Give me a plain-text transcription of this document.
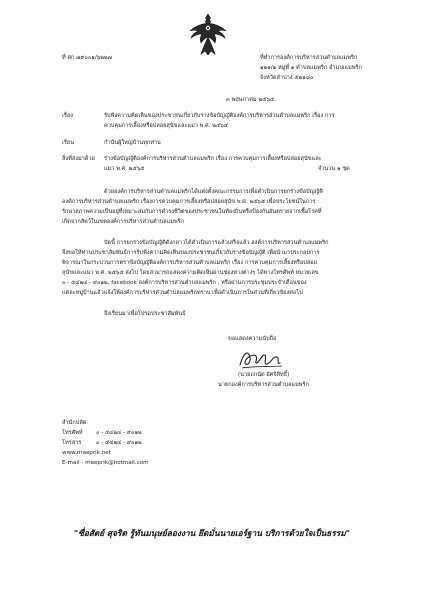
ที่ ศก ๗๙๐๐๑/๖๒๒๗	ที่ทำการองค์การบริหารส่วนตำบลแมพริก
๑๒๑/๑ หมู่ที่ ๑ ตำบลแมพริก อำเภอแมพริก
จังหวัดลำปาง ๕๒๑๘๐
๓ พฤษภาคม ๒๕๖๕
เรื่อง	รับฟังความคิดเห็นของประชาชนเกี่ยวกับร่างข้อบัญญัติองค์การบริหารส่วนตำบลแมพริก เรื่อง การ
ควบคุมการเลี้ยงหรือปล่อยสุนัขและแมว พ.ศ. ๒๕๖๕
เรียน	กำนันผู้ใหญ่บ้านทุกท่าน
สิ่งที่ส่งมาด้วย ร่างข้อบัญญัติองค์การบริหารส่วนตำบลแมพริก เรื่อง การควบคุมการเลี้ยงหรือปล่อยสุนัขและ
แมว พ.ศ. ๒๕๖๕	จำนวน ๑ ชุด
ด้วยองค์การบริหารส่วนตำบลแมพริกได้แต่งตั้งคณะกรรมการเพื่อดำเนินการยกร่างข้อบัญญัติ
องค์การบริหารส่วนตำบลแมพริก เรื่องการควบคุมการเลี้ยงหรือปล่อยสุนัข พ.ศ. ๒๕๖๕ เพื่อประโยชน์ในการ
รักษาสภาพความเป็นอยู่ที่เหมาะสมกับการดำรงชีวิตของประชาชนในท้องถิ่นหรือป้องกันอันตรายจากเชื้อโรคที่
เกิดจากสัตว์ในเขตองค์การบริหารส่วนตำบลแมพริก
บัดนี้ การยกร่างข้อบัญญัติดังกล่าวได้ดำเนินการแล้วเสร็จแล้ว องค์การบริหารส่วนตำบลแมพริก
จึงขอให้ท่านประชาสัมพันธ์การรับฟังความคิดเห็นของประชาชนเกี่ยวกับร่างข้อบัญญัติ เพื่อนำมาประกอบการ
พิจารณาในกระบวนการตราข้อบัญญัติองค์การบริหารส่วนตำบลแมพริก เรื่อง การควบคุมการเลี้ยงหรือปล่อย
สุนัขและแมว พ.ศ. ๒๕๖๕ ส่งไป โดยสามารถแสดงความคิดเห็นผ่านช่องทางต่างๆ ได้ทางโทรศัพท์ หมายเลข
๐ - ๕๔๒๔ - ๙๐๑๒, facebook องค์การบริหารส่วนตำบลแมพริก , หรือผ่านการประชุมประจำเดือนของ
แต่ละหมู่บ้านแล้วแจ้งให้องค์การบริหารส่วนตำบลแมพริกทราบ เพื่อดำเนินการในส่วนที่เกี่ยวข้องต่อไป
จึงเรียนมาเพื่อโปรดประชาสัมพันธ์
ขอแสดงความนับถือ
(นายถกนัด อัศจิสิทธิ์)
นายกองค์การบริหารส่วนตำบลแมพริก
สำนักปลัด
โทรศัพท์ ๐ - ๕๔๒๔ - ๙๐๑๒
โทรสาร	๐ - ๕๔๒๔ - ๙๐๑๒
www.maeprik.net
E-mail - maeprik@hotmail.com
"ซื่อสัตย์ สุจริต รู้ทันมนุษย์ลองงาน ยึดมั่นนายเอร์ฐาน บริการด้วยใจเป็นธรรม"
